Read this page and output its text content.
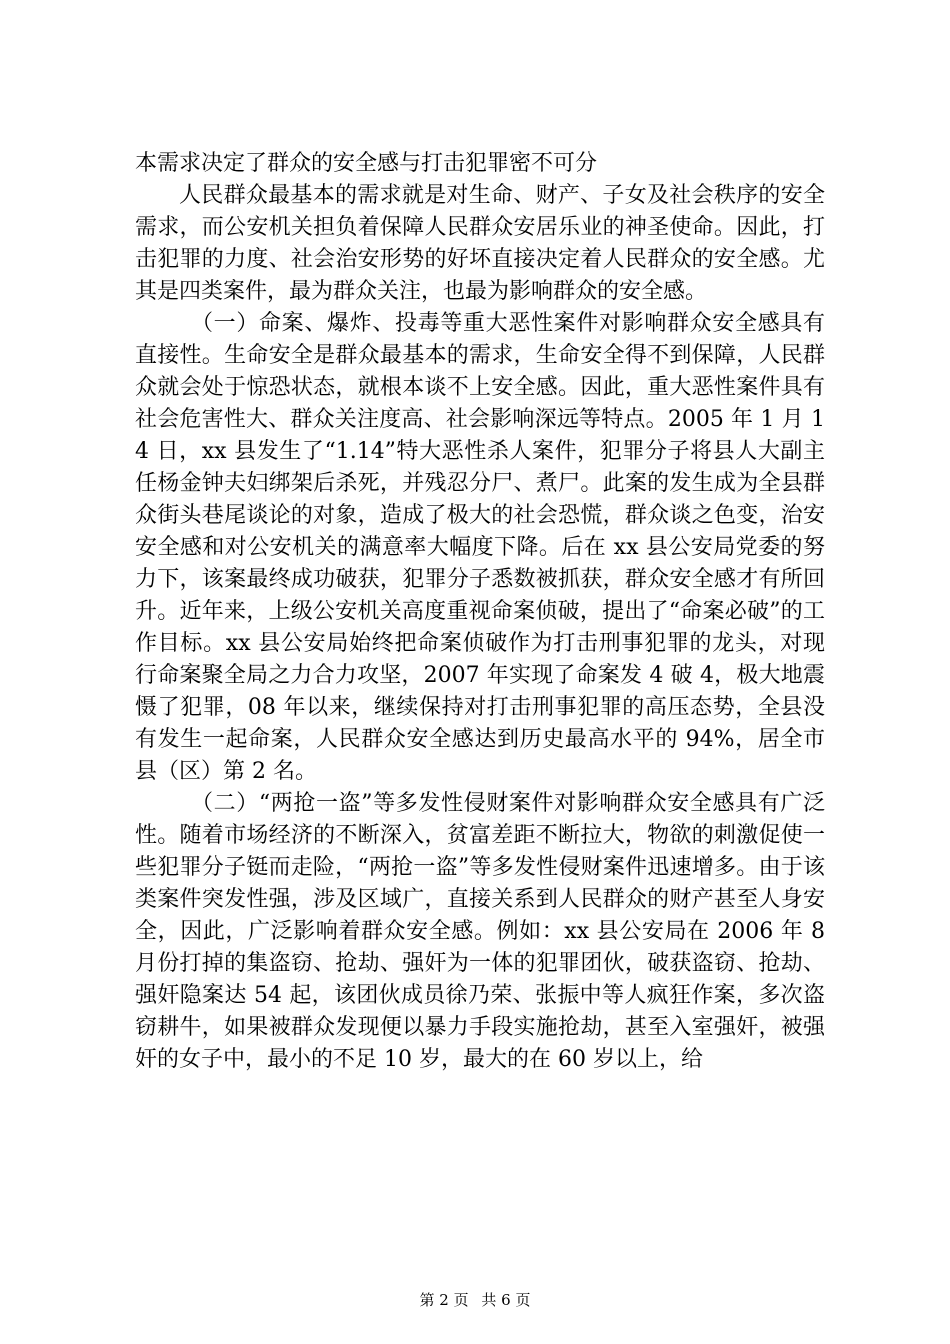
本需求决定了群众的安全感与打击犯罪密不可分

人民群众最基本的需求就是对生命、财产、子女及社会秩序的安全需求，而公安机关担负着保障人民群众安居乐业的神圣使命。因此，打击犯罪的力度、社会治安形势的好坏直接决定着人民群众的安全感。尤其是四类案件，最为群众关注，也最为影响群众的安全感。

（一）命案、爆炸、投毒等重大恶性案件对影响群众安全感具有直接性。生命安全是群众最基本的需求，生命安全得不到保障，人民群众就会处于惊恐状态，就根本谈不上安全感。因此，重大恶性案件具有社会危害性大、群众关注度高、社会影响深远等特点。2005 年 1 月 14 日，xx 县发生了“1.14”特大恶性杀人案件，犯罪分子将县人大副主任杨金钟夫妇绑架后杀死，并残忍分尸、煮尸。此案的发生成为全县群众街头巷尾谈论的对象，造成了极大的社会恐慌，群众谈之色变，治安安全感和对公安机关的满意率大幅度下降。后在 xx 县公安局党委的努力下，该案最终成功破获，犯罪分子悉数被抓获，群众安全感才有所回升。近年来，上级公安机关高度重视命案侦破，提出了“命案必破”的工作目标。xx 县公安局始终把命案侦破作为打击刑事犯罪的龙头，对现行命案聚全局之力合力攻坚，2007 年实现了命案发 4 破 4，极大地震慑了犯罪，08 年以来，继续保持对打击刑事犯罪的高压态势，全县没有发生一起命案，人民群众安全感达到历史最高水平的 94%，居全市县（区）第 2 名。

（二）“两抢一盗”等多发性侵财案件对影响群众安全感具有广泛性。随着市场经济的不断深入，贫富差距不断拉大，物欲的刺激促使一些犯罪分子铤而走险，“两抢一盗”等多发性侵财案件迅速增多。由于该类案件突发性强，涉及区域广，直接关系到人民群众的财产甚至人身安全，因此，广泛影响着群众安全感。例如：xx 县公安局在 2006 年 8 月份打掉的集盗窃、抢劫、强奸为一体的犯罪团伙，破获盗窃、抢劫、强奸隐案达 54 起，该团伙成员徐乃荣、张振中等人疯狂作案，多次盗窃耕牛，如果被群众发现便以暴力手段实施抢劫，甚至入室强奸，被强奸的女子中，最小的不足 10 岁，最大的在 60 岁以上，给

第 2 页 共 6 页
